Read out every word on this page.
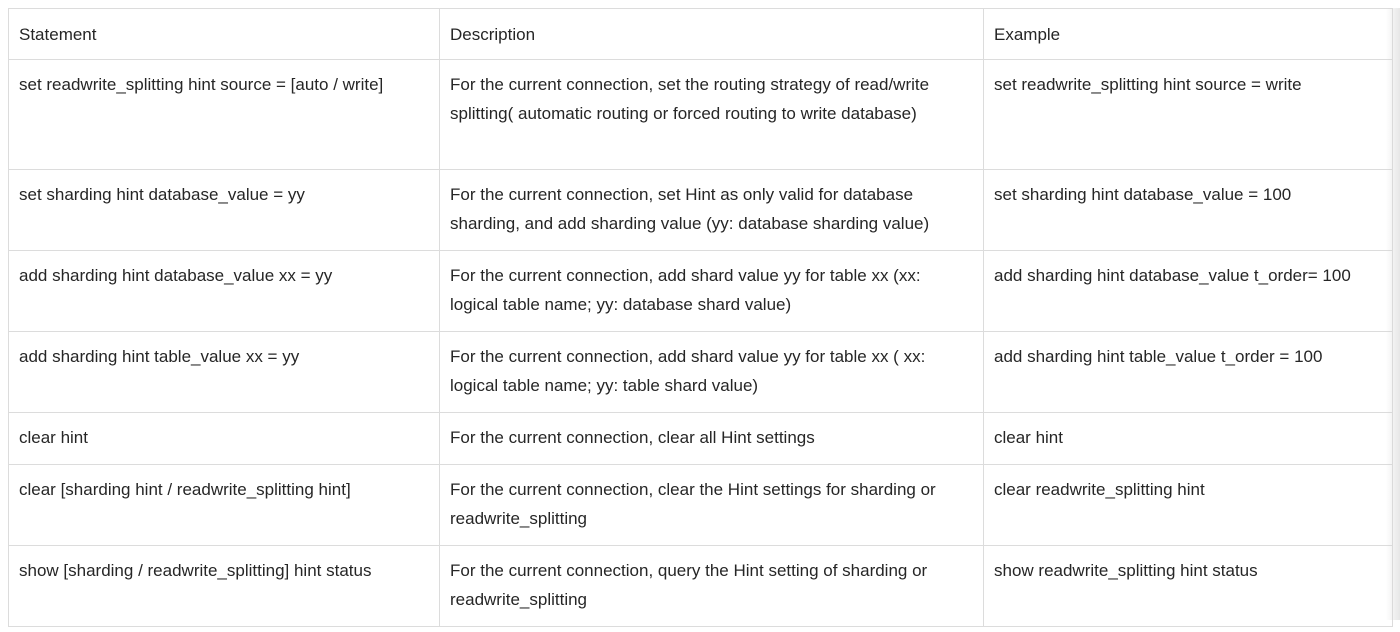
Statement	Description	Example
set readwrite_splitting hint source = [auto / write]	For the current connection, set the routing strategy of read/write splitting( automatic routing or forced routing to write database)	set readwrite_splitting hint source = write
set sharding hint database_value = yy	For the current connection, set Hint as only valid for database sharding, and add sharding value (yy: database sharding value)	set sharding hint database_value = 100
add sharding hint database_value xx = yy	For the current connection, add shard value yy for table xx (xx: logical table name; yy: database shard value)	add sharding hint database_value t_order= 100
add sharding hint table_value xx = yy	For the current connection, add shard value yy for table xx ( xx: logical table name; yy: table shard value)	add sharding hint table_value t_order = 100
clear hint	For the current connection, clear all Hint settings	clear hint
clear [sharding hint / readwrite_splitting hint]	For the current connection, clear the Hint settings for sharding or readwrite_splitting	clear readwrite_splitting hint
show [sharding / readwrite_splitting] hint status	For the current connection, query the Hint setting of sharding or readwrite_splitting	show readwrite_splitting hint status
